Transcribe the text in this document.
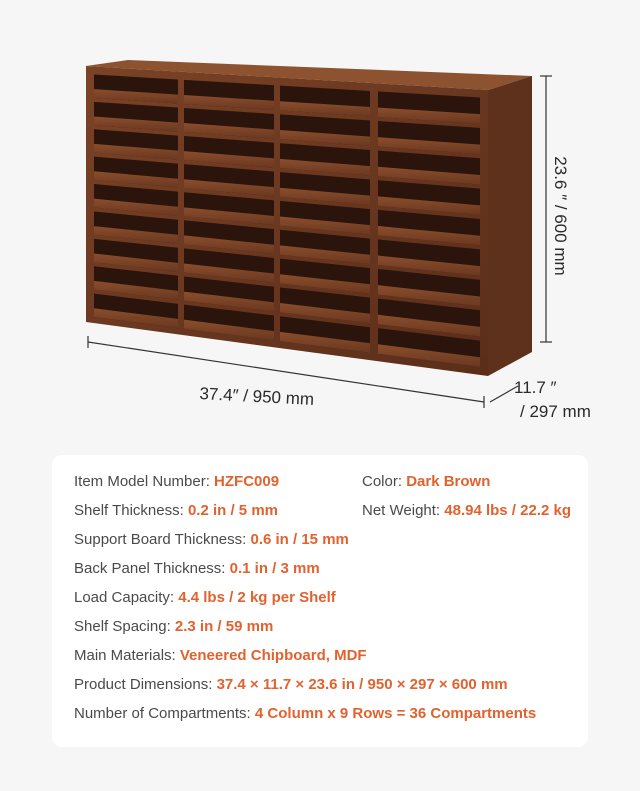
37.4″ / 950 mm
23.6 ″ / 600 mm
11.7 ″
/ 297 mm
Item Model Number: HZFC009	Color: Dark Brown
Shelf Thickness: 0.2 in / 5 mm	Net Weight: 48.94 lbs / 22.2 kg
Support Board Thickness: 0.6 in / 15 mm
Back Panel Thickness: 0.1 in / 3 mm
Load Capacity: 4.4 lbs / 2 kg per Shelf
Shelf Spacing: 2.3 in / 59 mm
Main Materials: Veneered Chipboard, MDF
Product Dimensions: 37.4 × 11.7 × 23.6 in / 950 × 297 × 600 mm
Number of Compartments: 4 Column x 9 Rows = 36 Compartments
